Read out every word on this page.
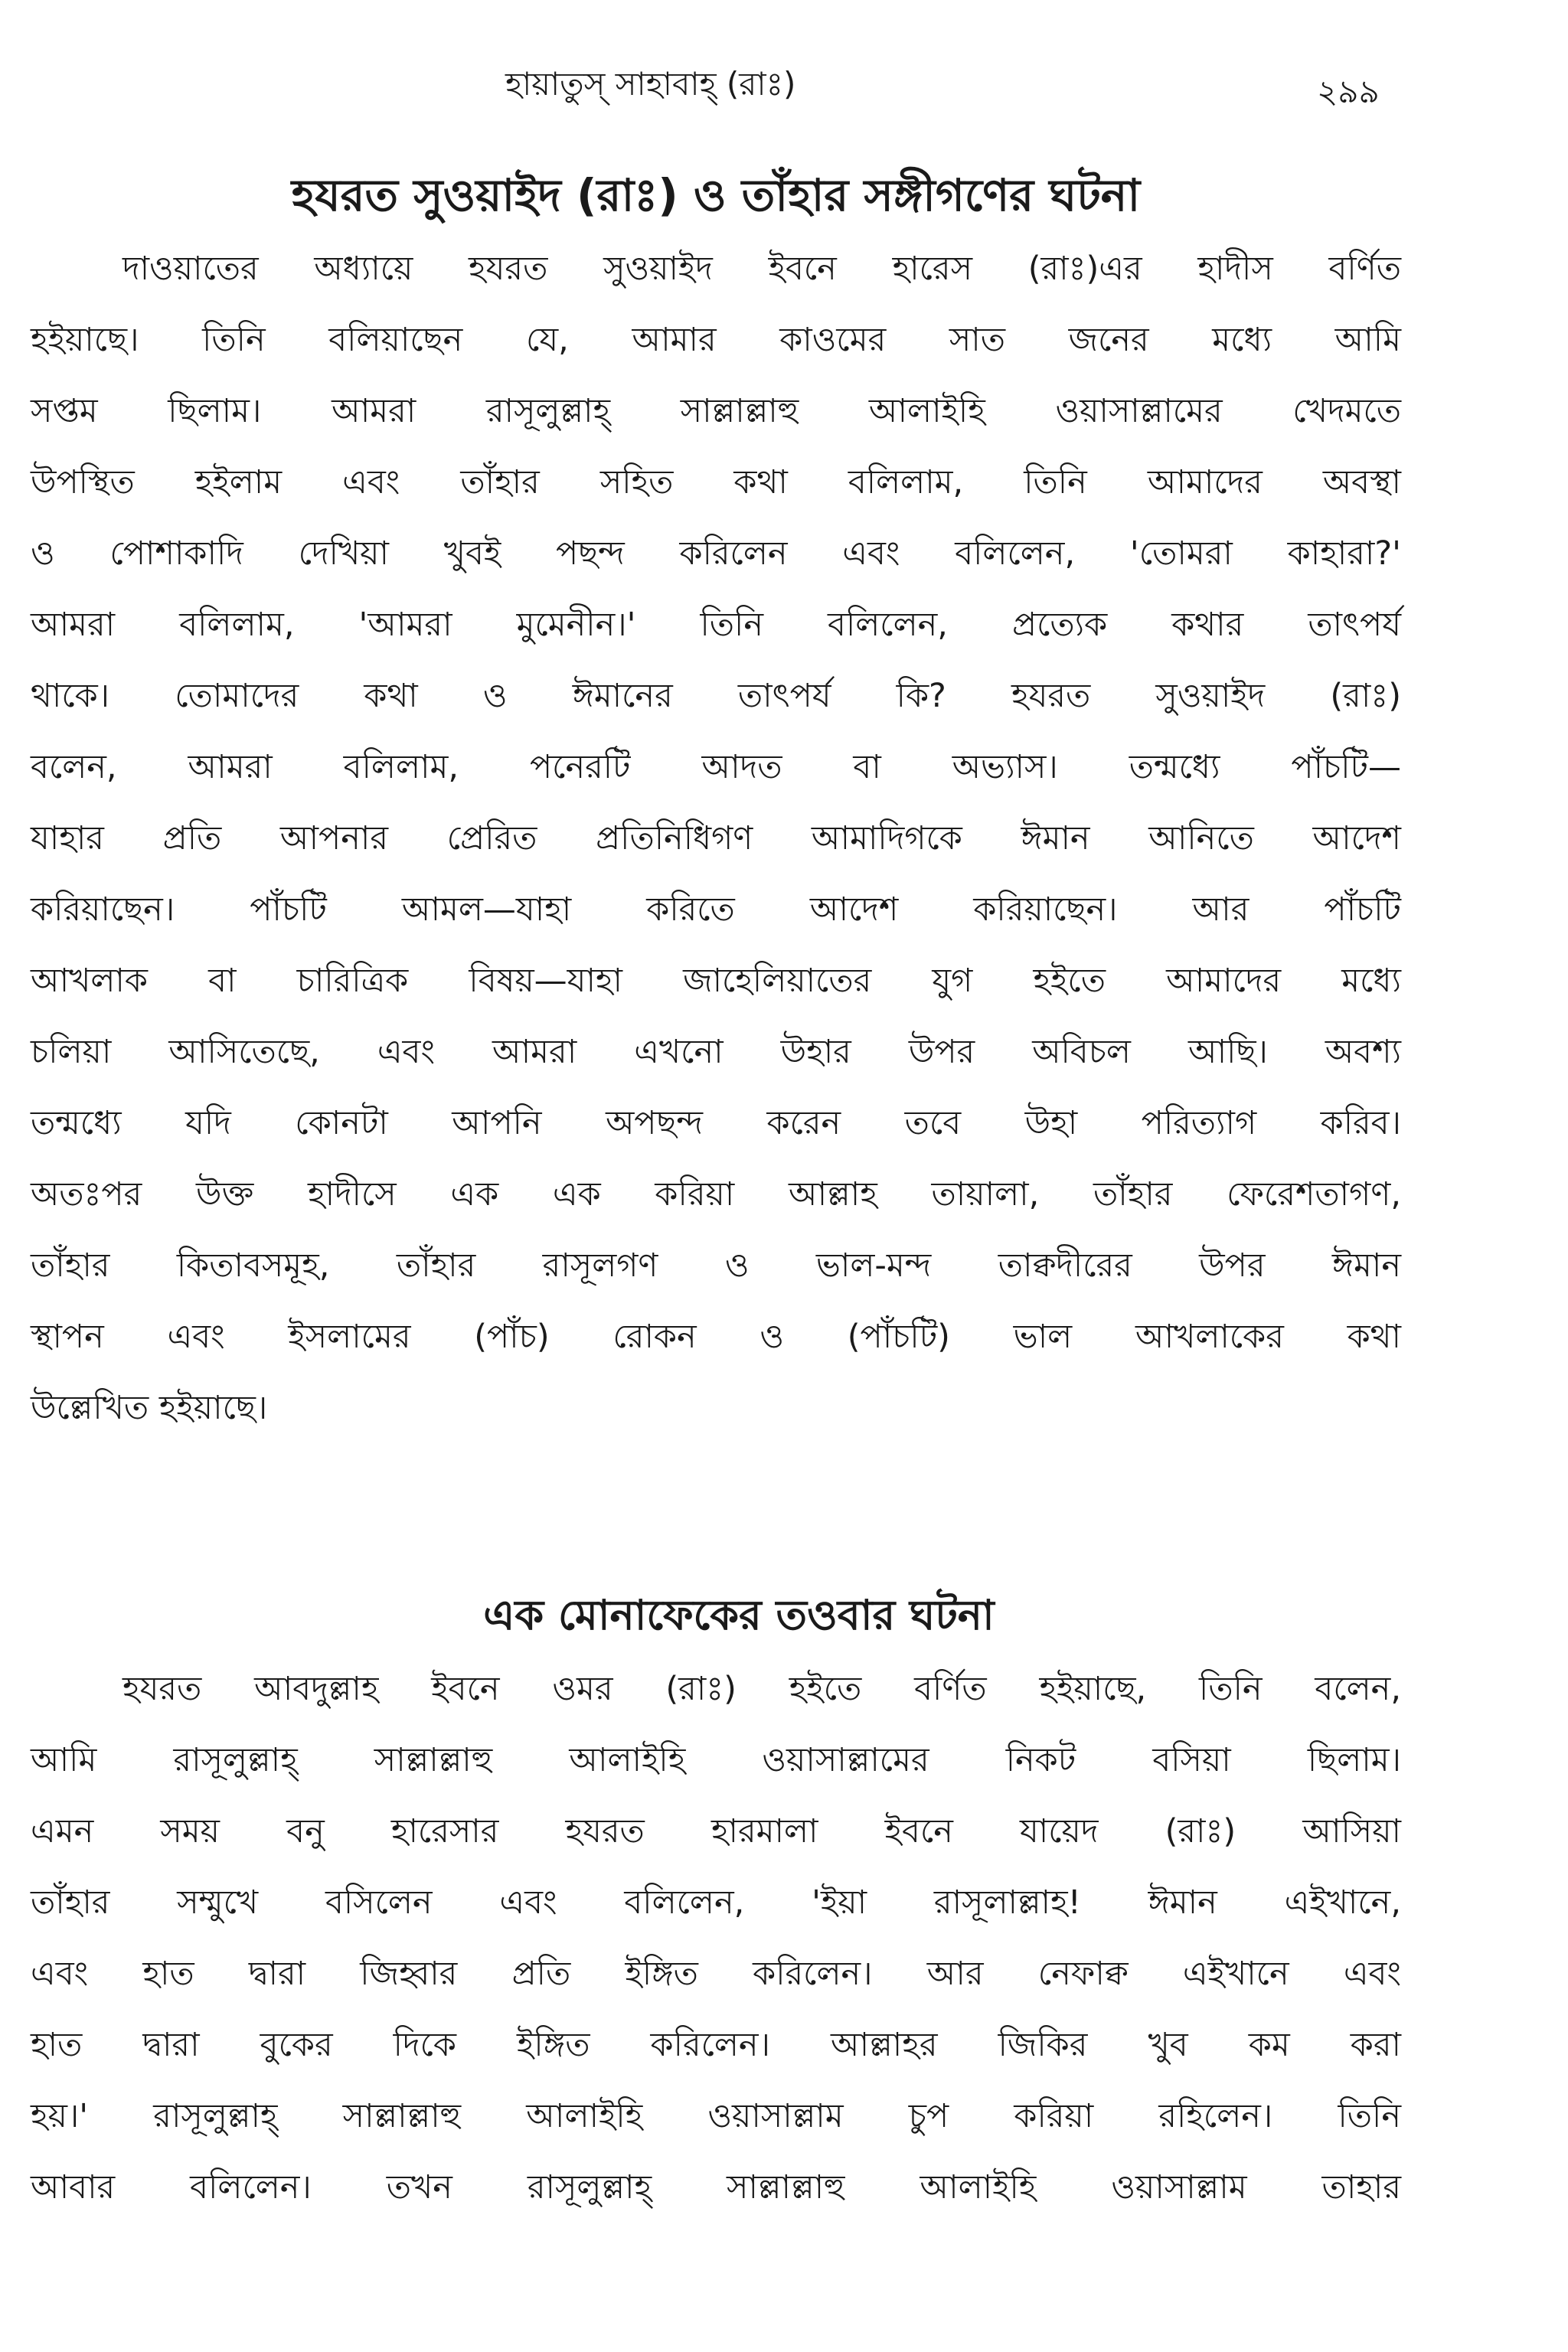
হায়াতুস্ সাহাবাহ্ (রাঃ)	২৯৯
হযরত সুওয়াইদ (রাঃ) ও তাঁহার সঙ্গীগণের ঘটনা

দাওয়াতের অধ্যায়ে হযরত সুওয়াইদ ইবনে হারেস (রাঃ)এর হাদীস বর্ণিত
হইয়াছে। তিনি বলিয়াছেন যে, আমার কাওমের সাত জনের মধ্যে আমি
সপ্তম ছিলাম। আমরা রাসূলুল্লাহ্ সাল্লাল্লাহু আলাইহি ওয়াসাল্লামের খেদমতে
উপস্থিত হইলাম এবং তাঁহার সহিত কথা বলিলাম, তিনি আমাদের অবস্থা
ও পোশাকাদি দেখিয়া খুবই পছন্দ করিলেন এবং বলিলেন, 'তোমরা কাহারা?'
আমরা বলিলাম, 'আমরা মুমেনীন।' তিনি বলিলেন, প্রত্যেক কথার তাৎপর্য
থাকে। তোমাদের কথা ও ঈমানের তাৎপর্য কি? হযরত সুওয়াইদ (রাঃ)
বলেন, আমরা বলিলাম, পনেরটি আদত বা অভ্যাস। তন্মধ্যে পাঁচটি—
যাহার প্রতি আপনার প্রেরিত প্রতিনিধিগণ আমাদিগকে ঈমান আনিতে আদেশ
করিয়াছেন। পাঁচটি আমল—যাহা করিতে আদেশ করিয়াছেন। আর পাঁচটি
আখলাক বা চারিত্রিক বিষয়—যাহা জাহেলিয়াতের যুগ হইতে আমাদের মধ্যে
চলিয়া আসিতেছে, এবং আমরা এখনো উহার উপর অবিচল আছি। অবশ্য
তন্মধ্যে যদি কোনটা আপনি অপছন্দ করেন তবে উহা পরিত্যাগ করিব।
অতঃপর উক্ত হাদীসে এক এক করিয়া আল্লাহ তায়ালা, তাঁহার ফেরেশতাগণ,
তাঁহার কিতাবসমূহ, তাঁহার রাসূলগণ ও ভাল-মন্দ তাক্বদীরের উপর ঈমান
স্থাপন এবং ইসলামের (পাঁচ) রোকন ও (পাঁচটি) ভাল আখলাকের কথা
উল্লেখিত হইয়াছে।

এক মোনাফেকের তওবার ঘটনা

হযরত আবদুল্লাহ ইবনে ওমর (রাঃ) হইতে বর্ণিত হইয়াছে, তিনি বলেন,
আমি রাসূলুল্লাহ্ সাল্লাল্লাহু আলাইহি ওয়াসাল্লামের নিকট বসিয়া ছিলাম।
এমন সময় বনু হারেসার হযরত হারমালা ইবনে যায়েদ (রাঃ) আসিয়া
তাঁহার সম্মুখে বসিলেন এবং বলিলেন, 'ইয়া রাসূলাল্লাহ! ঈমান এইখানে,
এবং হাত দ্বারা জিহ্বার প্রতি ইঙ্গিত করিলেন। আর নেফাক্ব এইখানে এবং
হাত দ্বারা বুকের দিকে ইঙ্গিত করিলেন। আল্লাহর জিকির খুব কম করা
হয়।' রাসূলুল্লাহ্ সাল্লাল্লাহু আলাইহি ওয়াসাল্লাম চুপ করিয়া রহিলেন। তিনি
আবার বলিলেন। তখন রাসূলুল্লাহ্ সাল্লাল্লাহু আলাইহি ওয়াসাল্লাম তাহার
